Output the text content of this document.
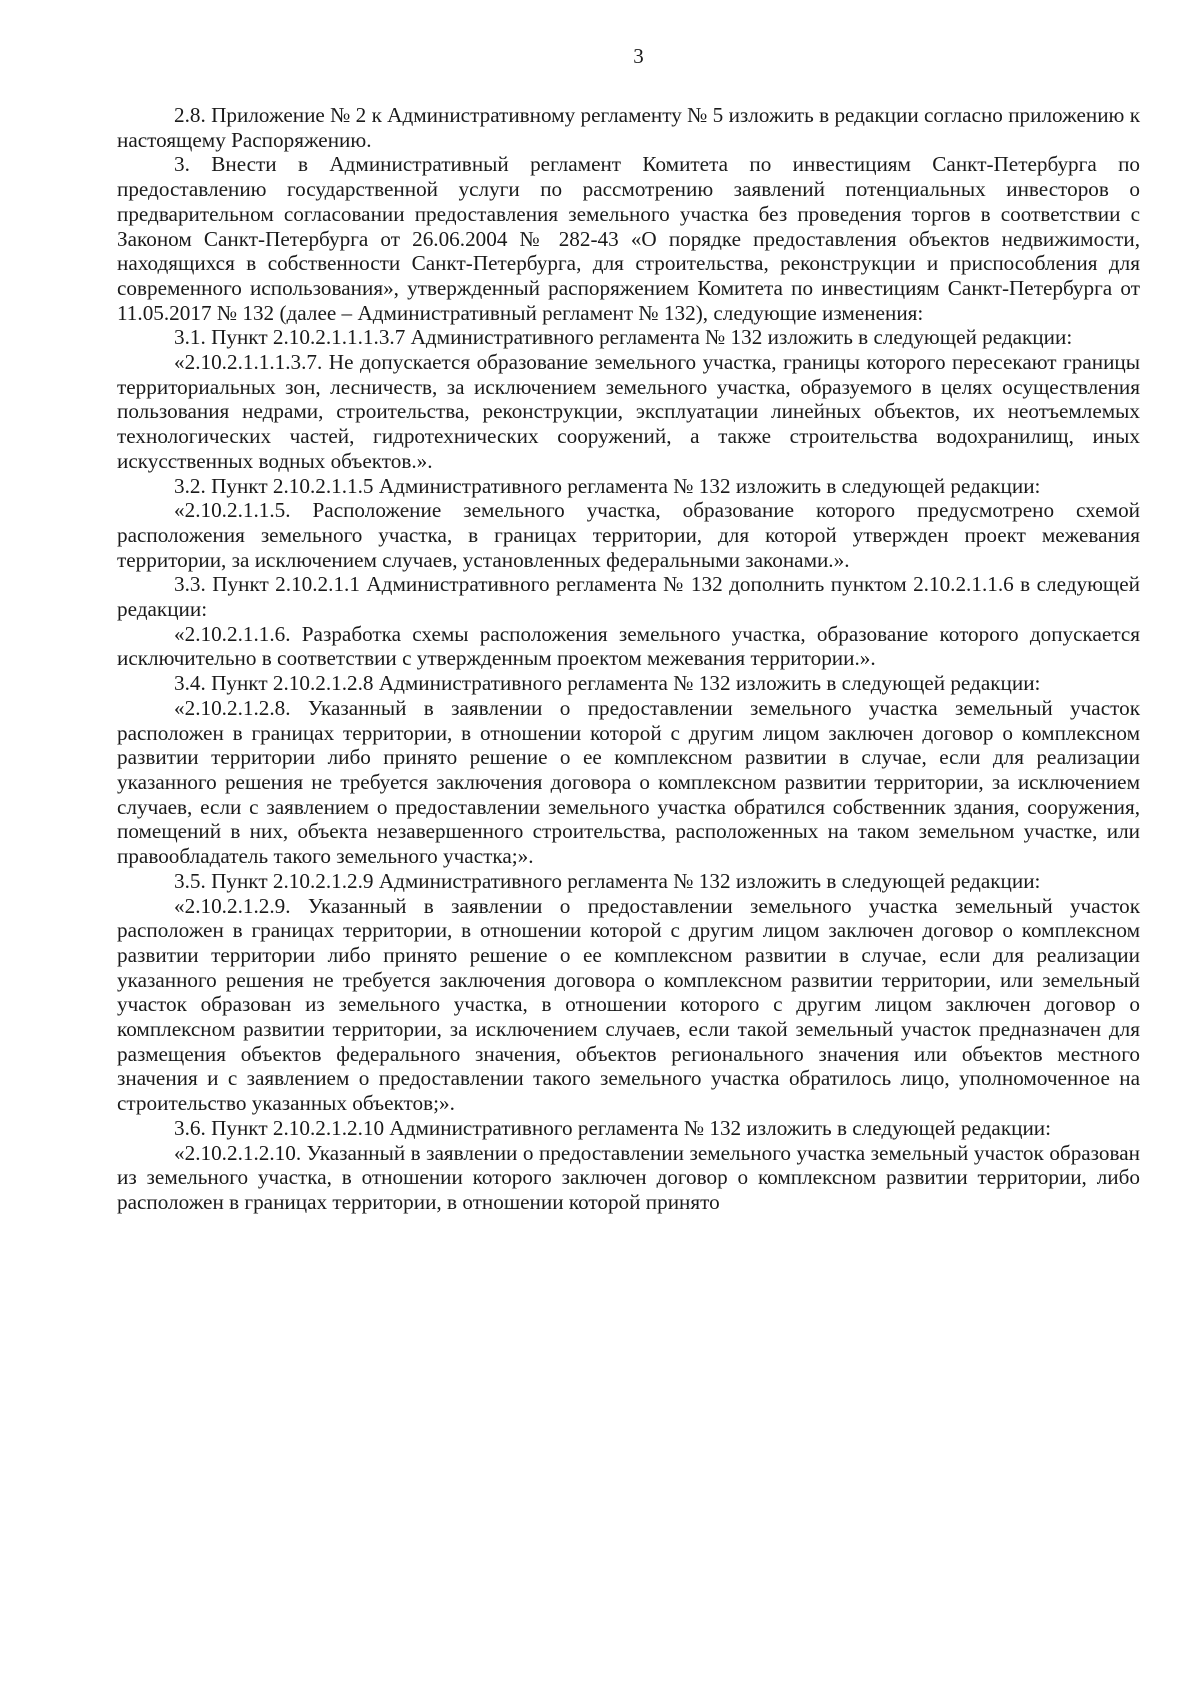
3

2.8. Приложение № 2 к Административному регламенту № 5 изложить в редакции согласно приложению к настоящему Распоряжению.

3. Внести в Административный регламент Комитета по инвестициям Санкт-Петербурга по предоставлению государственной услуги по рассмотрению заявлений потенциальных инвесторов о предварительном согласовании предоставления земельного участка без проведения торгов в соответствии с Законом Санкт-Петербурга от 26.06.2004 № 282-43 «О порядке предоставления объектов недвижимости, находящихся в собственности Санкт-Петербурга, для строительства, реконструкции и приспособления для современного использования», утвержденный распоряжением Комитета по инвестициям Санкт-Петербурга от 11.05.2017 № 132 (далее – Административный регламент № 132), следующие изменения:

3.1. Пункт 2.10.2.1.1.1.3.7 Административного регламента № 132 изложить в следующей редакции:

«2.10.2.1.1.1.3.7. Не допускается образование земельного участка, границы которого пересекают границы территориальных зон, лесничеств, за исключением земельного участка, образуемого в целях осуществления пользования недрами, строительства, реконструкции, эксплуатации линейных объектов, их неотъемлемых технологических частей, гидротехнических сооружений, а также строительства водохранилищ, иных искусственных водных объектов.».

3.2. Пункт 2.10.2.1.1.5 Административного регламента № 132 изложить в следующей редакции:

«2.10.2.1.1.5. Расположение земельного участка, образование которого предусмотрено схемой расположения земельного участка, в границах территории, для которой утвержден проект межевания территории, за исключением случаев, установленных федеральными законами.».

3.3. Пункт 2.10.2.1.1 Административного регламента № 132 дополнить пунктом 2.10.2.1.1.6 в следующей редакции:

«2.10.2.1.1.6. Разработка схемы расположения земельного участка, образование которого допускается исключительно в соответствии с утвержденным проектом межевания территории.».

3.4. Пункт 2.10.2.1.2.8 Административного регламента № 132 изложить в следующей редакции:

«2.10.2.1.2.8. Указанный в заявлении о предоставлении земельного участка земельный участок расположен в границах территории, в отношении которой с другим лицом заключен договор о комплексном развитии территории либо принято решение о ее комплексном развитии в случае, если для реализации указанного решения не требуется заключения договора о комплексном развитии территории, за исключением случаев, если с заявлением о предоставлении земельного участка обратился собственник здания, сооружения, помещений в них, объекта незавершенного строительства, расположенных на таком земельном участке, или правообладатель такого земельного участка;».

3.5. Пункт 2.10.2.1.2.9 Административного регламента № 132 изложить в следующей редакции:

«2.10.2.1.2.9. Указанный в заявлении о предоставлении земельного участка земельный участок расположен в границах территории, в отношении которой с другим лицом заключен договор о комплексном развитии территории либо принято решение о ее комплексном развитии в случае, если для реализации указанного решения не требуется заключения договора о комплексном развитии территории, или земельный участок образован из земельного участка, в отношении которого с другим лицом заключен договор о комплексном развитии территории, за исключением случаев, если такой земельный участок предназначен для размещения объектов федерального значения, объектов регионального значения или объектов местного значения и с заявлением о предоставлении такого земельного участка обратилось лицо, уполномоченное на строительство указанных объектов;».

3.6. Пункт 2.10.2.1.2.10 Административного регламента № 132 изложить в следующей редакции:

«2.10.2.1.2.10. Указанный в заявлении о предоставлении земельного участка земельный участок образован из земельного участка, в отношении которого заключен договор о комплексном развитии территории, либо расположен в границах территории, в отношении которой принято
